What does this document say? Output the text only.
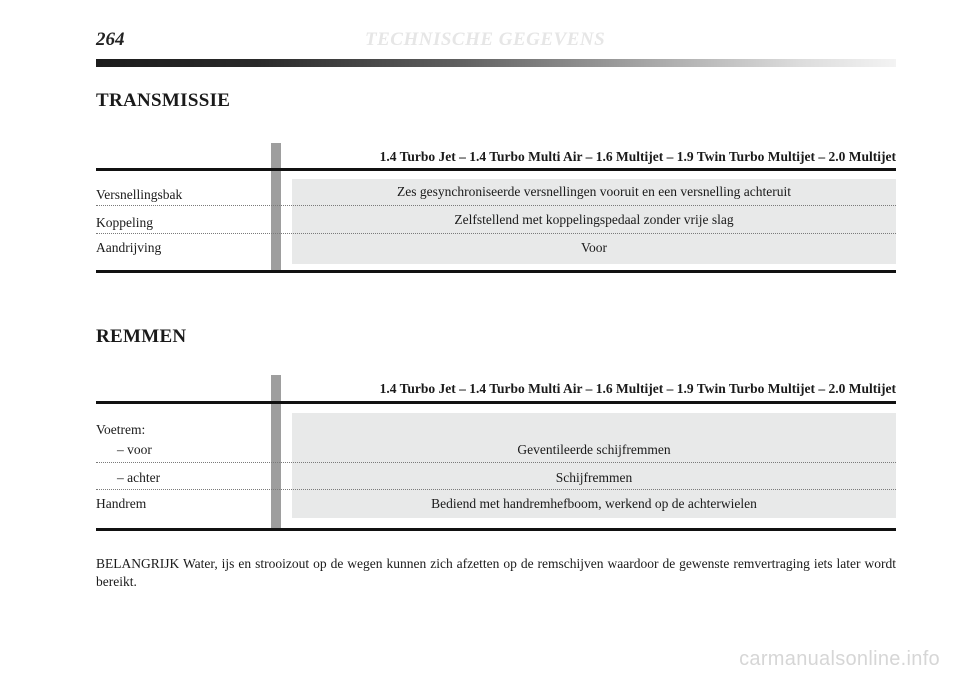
264	TECHNISCHE GEGEVENS
TRANSMISSIE
1.4 Turbo Jet – 1.4 Turbo Multi Air – 1.6 Multijet – 1.9 Twin Turbo Multijet – 2.0 Multijet
Versnellingsbak	Zes gesynchroniseerde versnellingen vooruit en een versnelling achteruit
Koppeling	Zelfstellend met koppelingspedaal zonder vrije slag
Aandrijving	Voor
REMMEN
1.4 Turbo Jet – 1.4 Turbo Multi Air – 1.6 Multijet – 1.9 Twin Turbo Multijet – 2.0 Multijet
Voetrem:
– voor	Geventileerde schijfremmen
– achter	Schijfremmen
Handrem	Bediend met handremhefboom, werkend op de achterwielen
BELANGRIJK Water, ijs en strooizout op de wegen kunnen zich afzetten op de remschijven waardoor de gewenste remvertraging iets later wordt bereikt.
carmanualsonline.info
